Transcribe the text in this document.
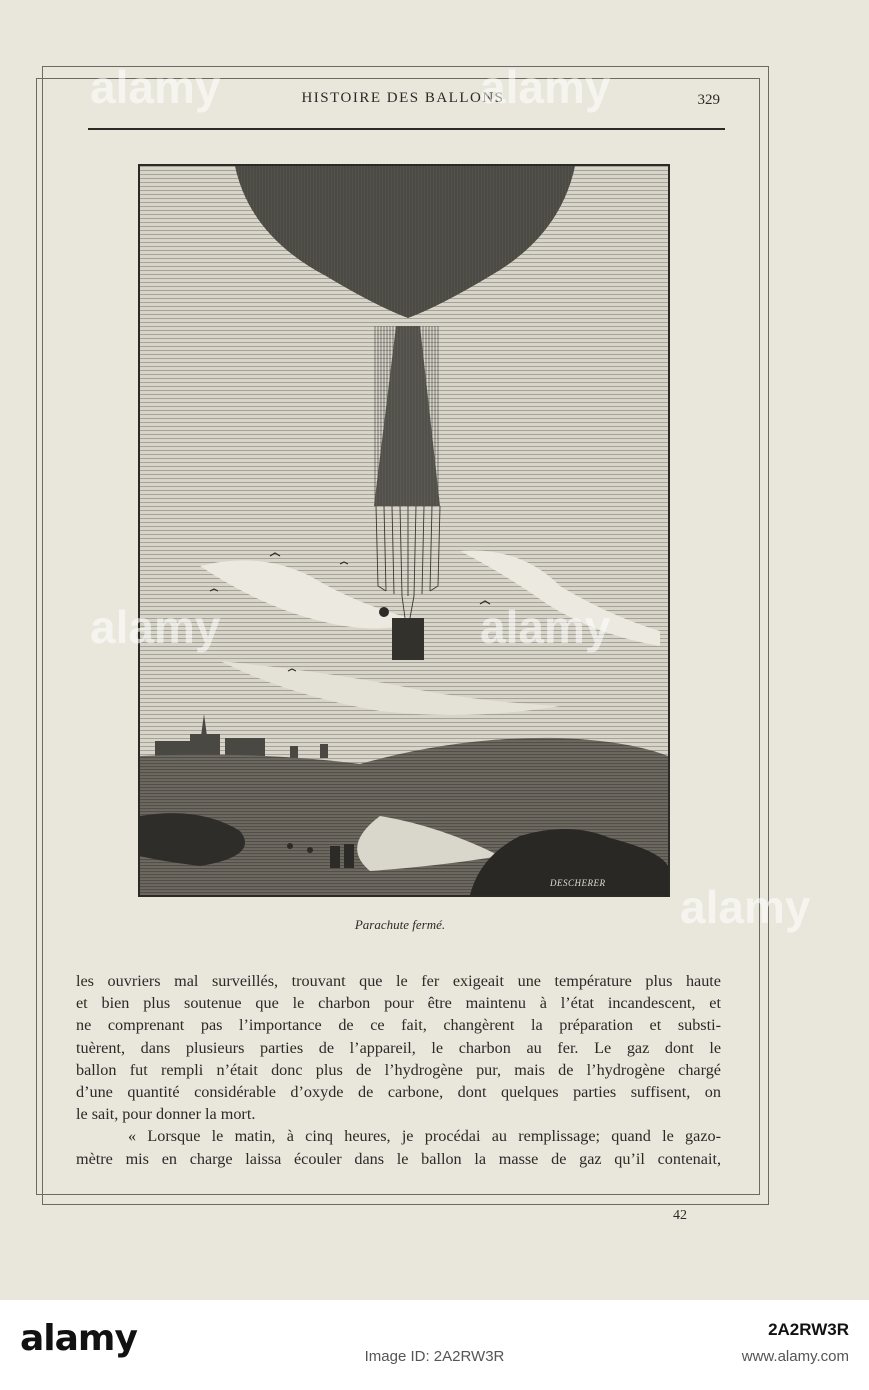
HISTOIRE DES BALLONS	329
DESCHERER
Parachute fermé.
les ouvriers mal surveillés, trouvant que le fer exigeait une température plus haute
et bien plus soutenue que le charbon pour être maintenu à l’état incandescent, et
ne comprenant pas l’importance de ce fait, changèrent la préparation et substi-
tuèrent, dans plusieurs parties de l’appareil, le charbon au fer. Le gaz dont le
ballon fut rempli n’était donc plus de l’hydrogène pur, mais de l’hydrogène chargé
d’une quantité considérable d’oxyde de carbone, dont quelques parties suffisent, on
le sait, pour donner la mort.
« Lorsque le matin, à cinq heures, je procédai au remplissage; quand le gazo-
mètre mis en charge laissa écouler dans le ballon la masse de gaz qu’il contenait,
42
alamy	alamy
alamy	alamy
alamy
alamy	2A2RW3R
Image ID: 2A2RW3R	www.alamy.com
